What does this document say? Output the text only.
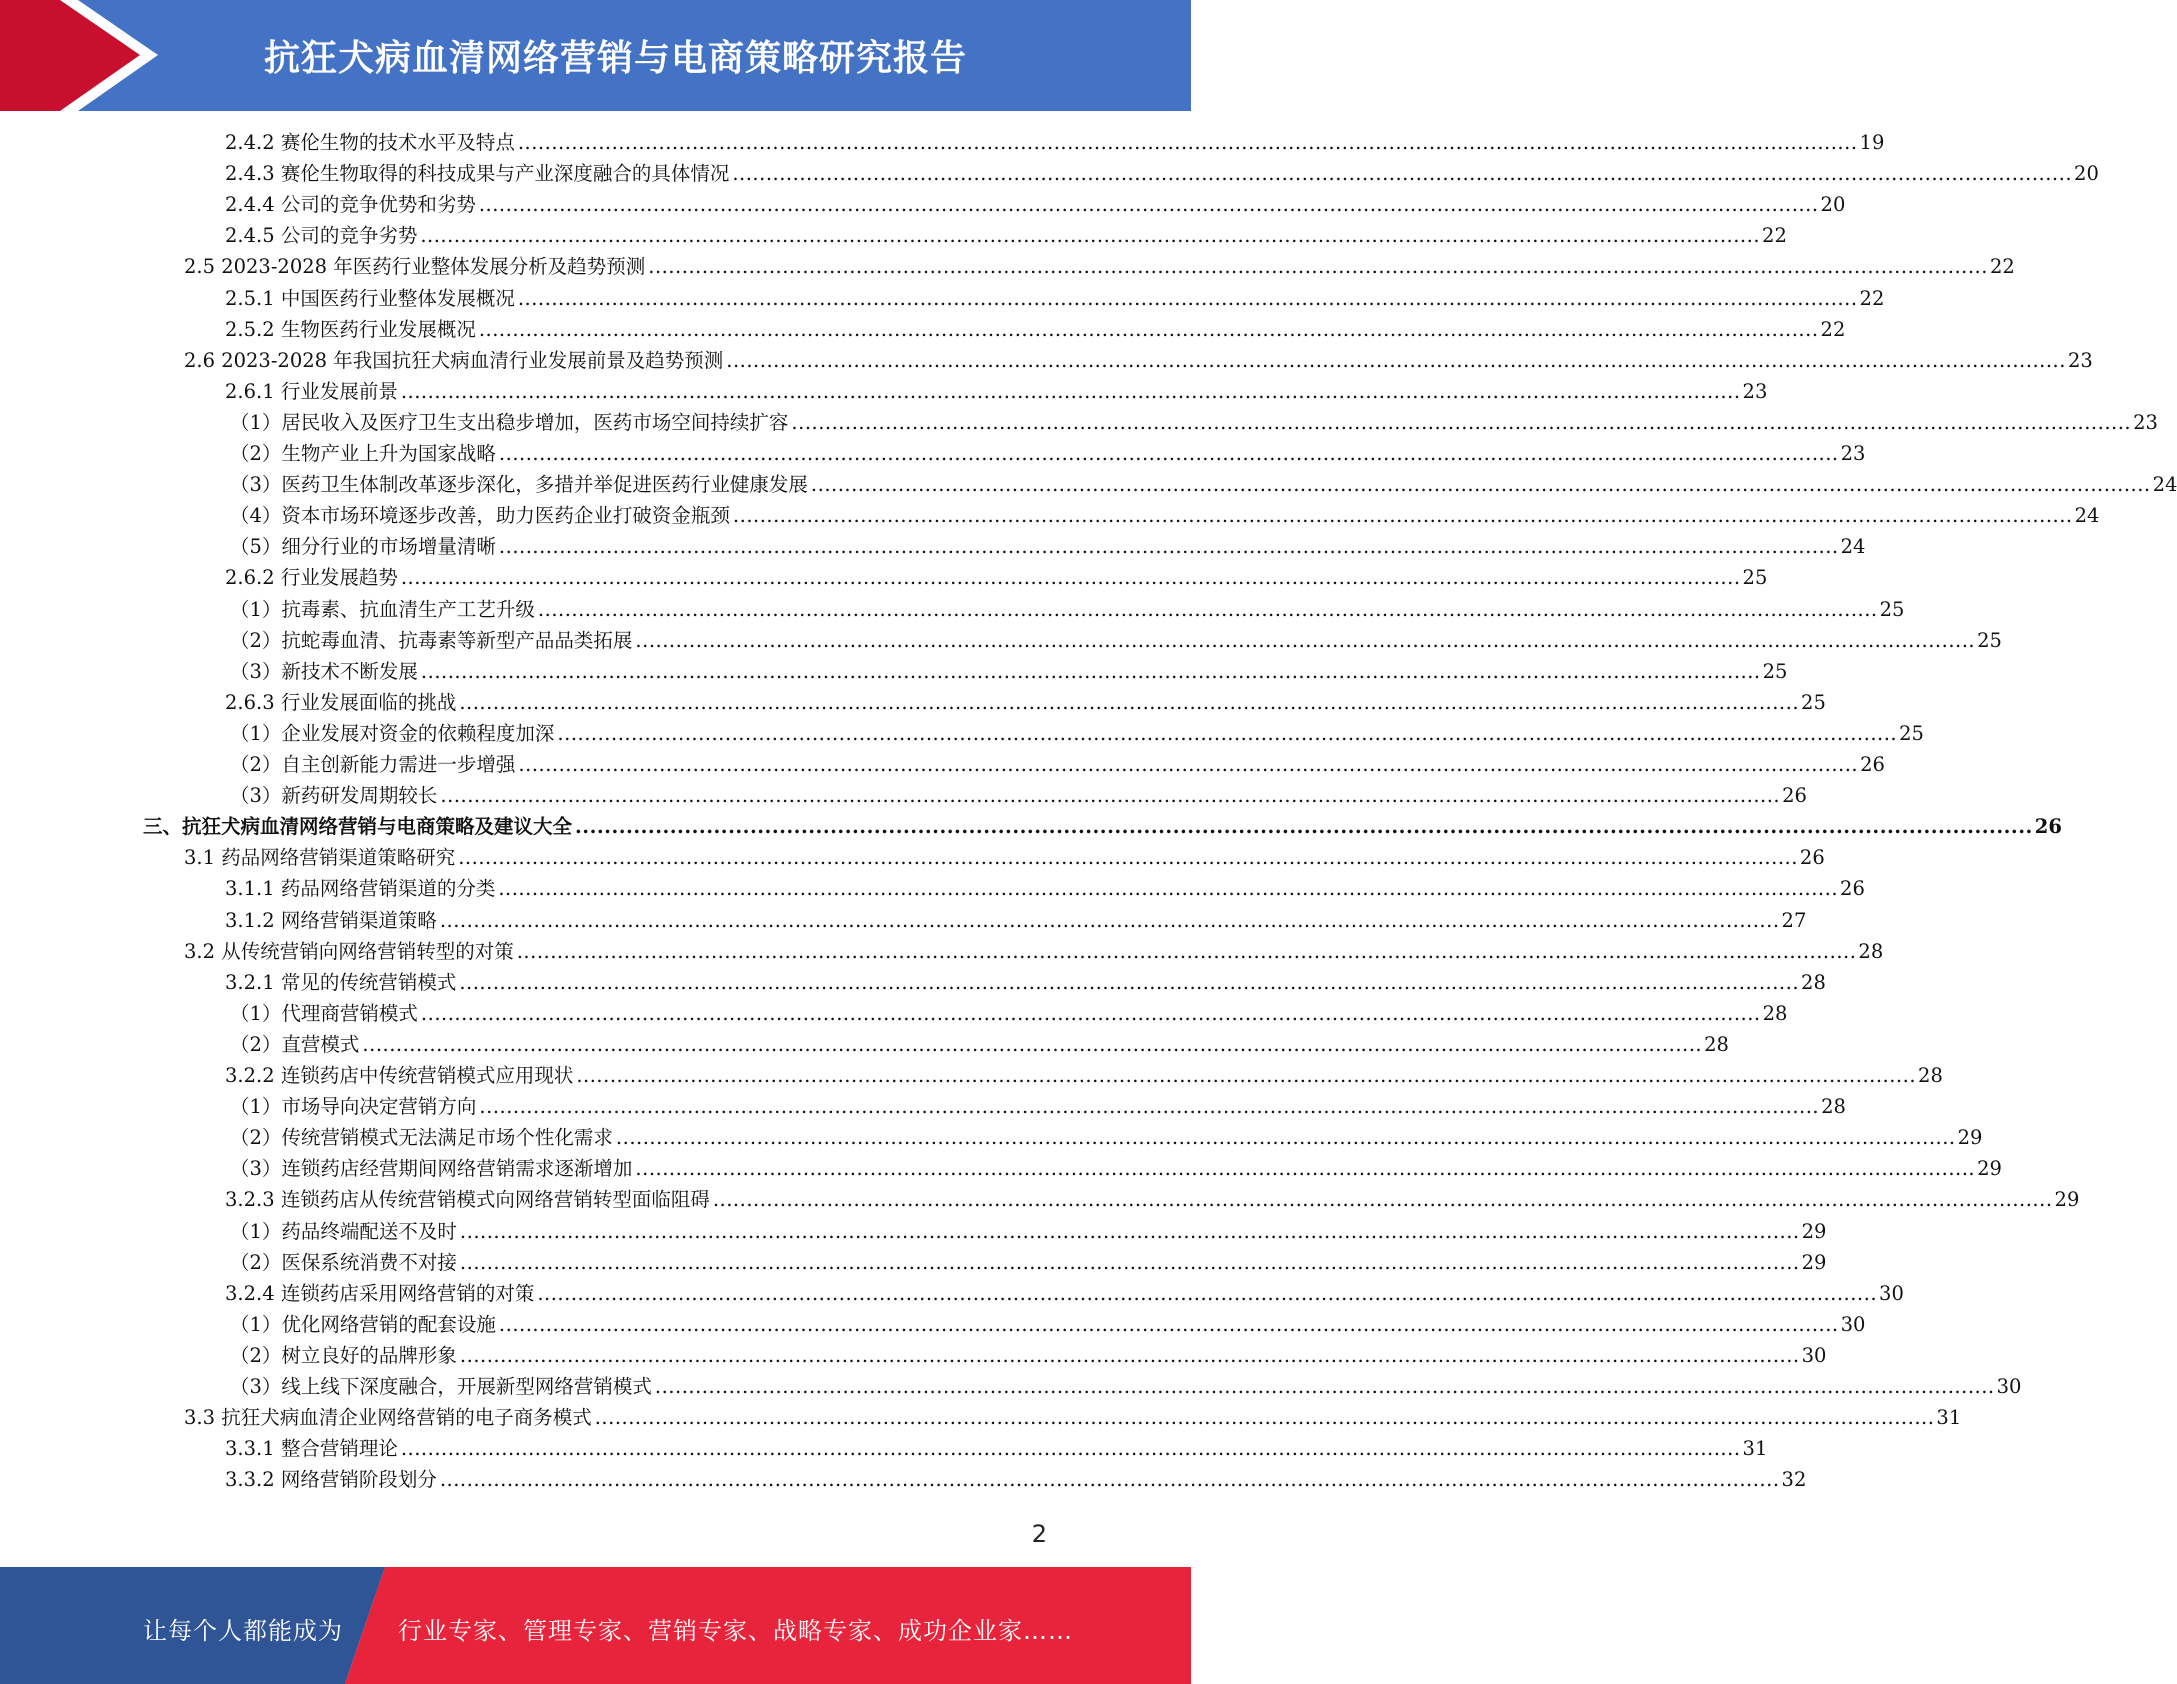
抗狂犬病血清网络营销与电商策略研究报告
2.4.2 赛伦生物的技术水平及特点 ........................................................................................................................................................................................................ 19
2.4.3 赛伦生物取得的科技成果与产业深度融合的具体情况 ........................................................................................................................................................................................................ 20
2.4.4 公司的竞争优势和劣势 ........................................................................................................................................................................................................ 20
2.4.5 公司的竞争劣势 ........................................................................................................................................................................................................ 22
2.5 2023-2028 年医药行业整体发展分析及趋势预测 ........................................................................................................................................................................................................ 22
2.5.1 中国医药行业整体发展概况 ........................................................................................................................................................................................................ 22
2.5.2 生物医药行业发展概况 ........................................................................................................................................................................................................ 22
2.6 2023-2028 年我国抗狂犬病血清行业发展前景及趋势预测 ........................................................................................................................................................................................................ 23
2.6.1 行业发展前景 ........................................................................................................................................................................................................ 23
（1）居民收入及医疗卫生支出稳步增加，医药市场空间持续扩容 ........................................................................................................................................................................................................ 23
（2）生物产业上升为国家战略 ........................................................................................................................................................................................................ 23
（3）医药卫生体制改革逐步深化，多措并举促进医药行业健康发展 ........................................................................................................................................................................................................ 24
（4）资本市场环境逐步改善，助力医药企业打破资金瓶颈 ........................................................................................................................................................................................................ 24
（5）细分行业的市场增量清晰 ........................................................................................................................................................................................................ 24
2.6.2 行业发展趋势 ........................................................................................................................................................................................................ 25
（1）抗毒素、抗血清生产工艺升级 ........................................................................................................................................................................................................ 25
（2）抗蛇毒血清、抗毒素等新型产品品类拓展 ........................................................................................................................................................................................................ 25
（3）新技术不断发展 ........................................................................................................................................................................................................ 25
2.6.3 行业发展面临的挑战 ........................................................................................................................................................................................................ 25
（1）企业发展对资金的依赖程度加深 ........................................................................................................................................................................................................ 25
（2）自主创新能力需进一步增强 ........................................................................................................................................................................................................ 26
（3）新药研发周期较长 ........................................................................................................................................................................................................ 26
三、抗狂犬病血清网络营销与电商策略及建议大全 ........................................................................................................................................................................................................ 26
3.1 药品网络营销渠道策略研究 ........................................................................................................................................................................................................ 26
3.1.1 药品网络营销渠道的分类 ........................................................................................................................................................................................................ 26
3.1.2 网络营销渠道策略 ........................................................................................................................................................................................................ 27
3.2 从传统营销向网络营销转型的对策 ........................................................................................................................................................................................................ 28
3.2.1 常见的传统营销模式 ........................................................................................................................................................................................................ 28
（1）代理商营销模式 ........................................................................................................................................................................................................ 28
（2）直营模式 ........................................................................................................................................................................................................ 28
3.2.2 连锁药店中传统营销模式应用现状 ........................................................................................................................................................................................................ 28
（1）市场导向决定营销方向 ........................................................................................................................................................................................................ 28
（2）传统营销模式无法满足市场个性化需求 ........................................................................................................................................................................................................ 29
（3）连锁药店经营期间网络营销需求逐渐增加 ........................................................................................................................................................................................................ 29
3.2.3 连锁药店从传统营销模式向网络营销转型面临阻碍 ........................................................................................................................................................................................................ 29
（1）药品终端配送不及时 ........................................................................................................................................................................................................ 29
（2）医保系统消费不对接 ........................................................................................................................................................................................................ 29
3.2.4 连锁药店采用网络营销的对策 ........................................................................................................................................................................................................ 30
（1）优化网络营销的配套设施 ........................................................................................................................................................................................................ 30
（2）树立良好的品牌形象 ........................................................................................................................................................................................................ 30
（3）线上线下深度融合，开展新型网络营销模式 ........................................................................................................................................................................................................ 30
3.3 抗狂犬病血清企业网络营销的电子商务模式 ........................................................................................................................................................................................................ 31
3.3.1 整合营销理论 ........................................................................................................................................................................................................ 31
3.3.2 网络营销阶段划分 ........................................................................................................................................................................................................ 32
2
让每个人都能成为 行业专家、管理专家、营销专家、战略专家、成功企业家……
